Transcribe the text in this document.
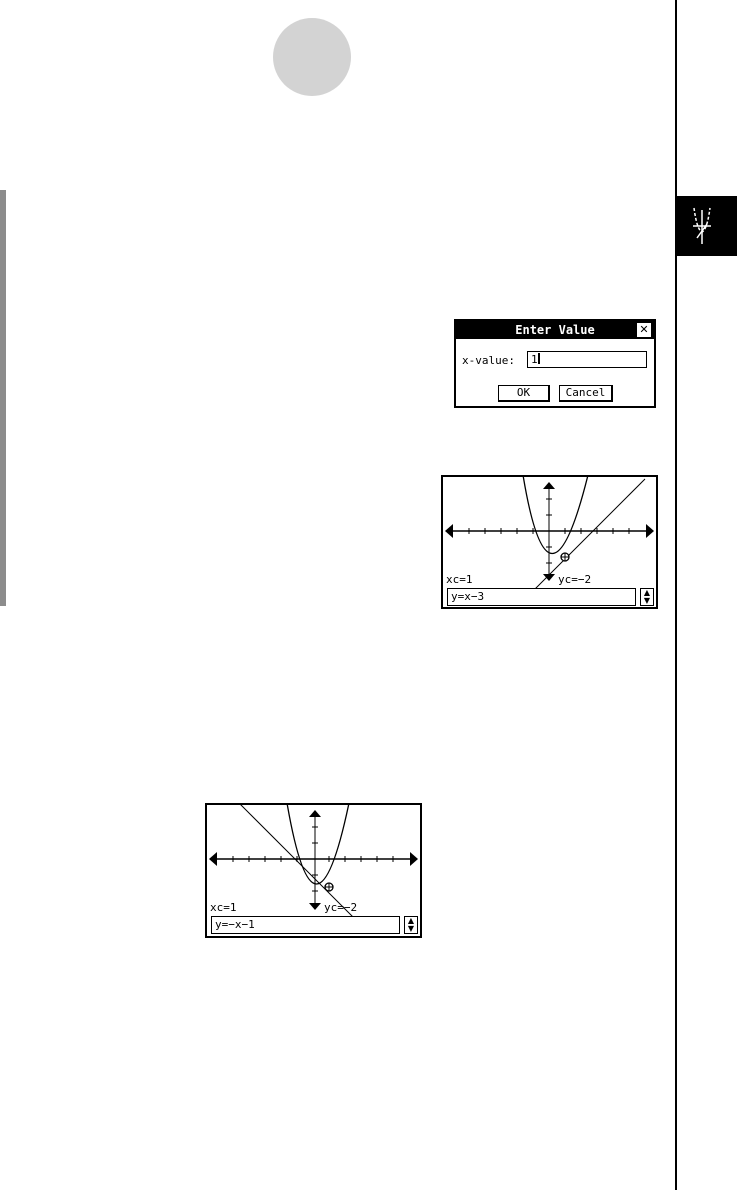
Enter Value	✕
x-value:	1
OK	Cancel
xc=1	yc=−2
y=x−3	▲
▼
xc=1	yc=−2
y=−x−1	▲
▼
